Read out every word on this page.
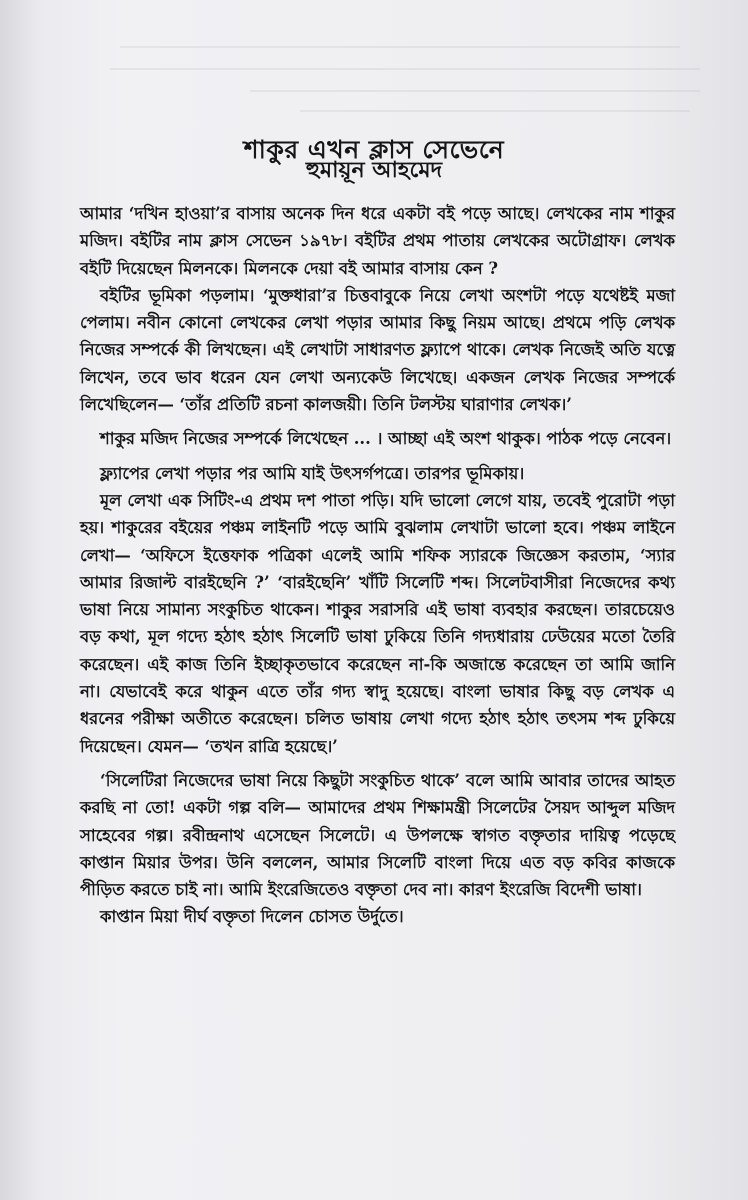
শাকুর এখন ক্লাস সেভেনে
হুমায়ূন আহমেদ

আমার ‘দখিন হাওয়া’র বাসায় অনেক দিন ধরে একটা বই পড়ে আছে। লেখকের নাম শাকুর মজিদ। বইটির নাম ক্লাস সেভেন ১৯৭৮। বইটির প্রথম পাতায় লেখকের অটোগ্রাফ। লেখক বইটি দিয়েছেন মিলনকে। মিলনকে দেয়া বই আমার বাসায় কেন ?

বইটির ভূমিকা পড়লাম। ‘মুক্তধারা’র চিত্তবাবুকে নিয়ে লেখা অংশটা পড়ে যথেষ্টই মজা পেলাম। নবীন কোনো লেখকের লেখা পড়ার আমার কিছু নিয়ম আছে। প্রথমে পড়ি লেখক নিজের সম্পর্কে কী লিখছেন। এই লেখাটা সাধারণত ফ্ল্যাপে থাকে। লেখক নিজেই অতি যত্নে লিখেন, তবে ভাব ধরেন যেন লেখা অন্যকেউ লিখেছে। একজন লেখক নিজের সম্পর্কে লিখেছিলেন— ‘তাঁর প্রতিটি রচনা কালজয়ী। তিনি টলস্টয় ঘারাণার লেখক।’

শাকুর মজিদ নিজের সম্পর্কে লিখেছেন ... । আচ্ছা এই অংশ থাকুক। পাঠক পড়ে নেবেন।

ফ্ল্যাপের লেখা পড়ার পর আমি যাই উৎসর্গপত্রে। তারপর ভূমিকায়।

মূল লেখা এক সিটিং-এ প্রথম দশ পাতা পড়ি। যদি ভালো লেগে যায়, তবেই পুরোটা পড়া হয়। শাকুরের বইয়ের পঞ্চম লাইনটি পড়ে আমি বুঝলাম লেখাটা ভালো হবে। পঞ্চম লাইনে লেখা— ‘অফিসে ইত্তেফাক পত্রিকা এলেই আমি শফিক স্যারকে জিজ্ঞেস করতাম, ‘স্যার আমার রিজাল্ট বারইছেনি ?’ ‘বারইছেনি’ খাঁটি সিলেটি শব্দ। সিলেটবাসীরা নিজেদের কথ্য ভাষা নিয়ে সামান্য সংকুচিত থাকেন। শাকুর সরাসরি এই ভাষা ব্যবহার করছেন। তারচেয়েও বড় কথা, মূল গদ্যে হঠাৎ হঠাৎ সিলেটি ভাষা ঢুকিয়ে তিনি গদ্যধারায় ঢেউয়ের মতো তৈরি করেছেন। এই কাজ তিনি ইচ্ছাকৃতভাবে করেছেন না-কি অজান্তে করেছেন তা আমি জানি না। যেভাবেই করে থাকুন এতে তাঁর গদ্য স্বাদু হয়েছে। বাংলা ভাষার কিছু বড় লেখক এ ধরনের পরীক্ষা অতীতে করেছেন। চলিত ভাষায় লেখা গদ্যে হঠাৎ হঠাৎ তৎসম শব্দ ঢুকিয়ে দিয়েছেন। যেমন— ‘তখন রাত্রি হয়েছে।’

‘সিলেটিরা নিজেদের ভাষা নিয়ে কিছুটা সংকুচিত থাকে’ বলে আমি আবার তাদের আহত করছি না তো! একটা গল্প বলি— আমাদের প্রথম শিক্ষামন্ত্রী সিলেটের সৈয়দ আব্দুল মজিদ সাহেবের গল্প। রবীন্দ্রনাথ এসেছেন সিলেটে। এ উপলক্ষে স্বাগত বক্তৃতার দায়িত্ব পড়েছে কাপ্তান মিয়ার উপর। উনি বললেন, আমার সিলেটি বাংলা দিয়ে এত বড় কবির কাজকে পীড়িত করতে চাই না। আমি ইংরেজিতেও বক্তৃতা দেব না। কারণ ইংরেজি বিদেশী ভাষা।

কাপ্তান মিয়া দীর্ঘ বক্তৃতা দিলেন চোসত উর্দুতে।
